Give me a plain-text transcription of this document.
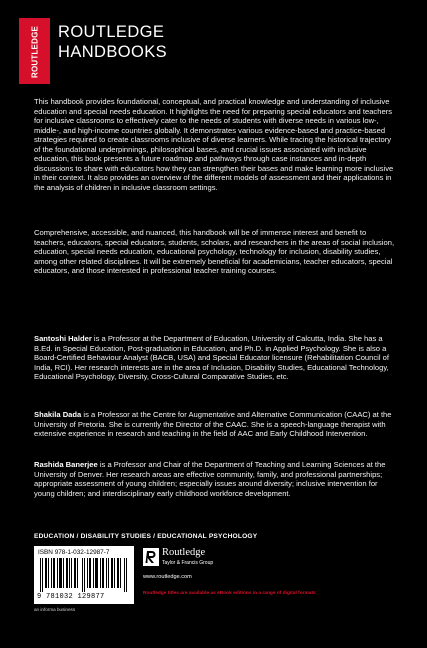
ROUTLEDGE	ROUTLEDGE
HANDBOOKS

This handbook provides foundational, conceptual, and practical knowledge and understanding of inclusive education and special needs education. It highlights the need for preparing special educators and teachers for inclusive classrooms to effectively cater to the needs of students with diverse needs in various low-, middle-, and high-income countries globally. It demonstrates various evidence-based and practice-based strategies required to create classrooms inclusive of diverse learners. While tracing the historical trajectory of the foundational underpinnings, philosophical bases, and crucial issues associated with inclusive education, this book presents a future roadmap and pathways through case instances and in-depth discussions to share with educators how they can strengthen their bases and make learning more inclusive in their context. It also provides an overview of the different models of assessment and their applications in the analysis of children in inclusive classroom settings.

Comprehensive, accessible, and nuanced, this handbook will be of immense interest and benefit to teachers, educators, special educators, students, scholars, and researchers in the areas of social inclusion, education, special needs education, educational psychology, technology for inclusion, disability studies, among other related disciplines. It will be extremely beneficial for academicians, teacher educators, special educators, and those interested in professional teacher training courses.

Santoshi Halder is a Professor at the Department of Education, University of Calcutta, India. She has a B.Ed. in Special Education, Post-graduation in Education, and Ph.D. in Applied Psychology. She is also a Board-Certified Behaviour Analyst (BACB, USA) and Special Educator licensure (Rehabilitation Council of India, RCI). Her research interests are in the area of Inclusion, Disability Studies, Educational Technology, Educational Psychology, Diversity, Cross-Cultural Comparative Studies, etc.

Shakila Dada is a Professor at the Centre for Augmentative and Alternative Communication (CAAC) at the University of Pretoria. She is currently the Director of the CAAC. She is a speech-language therapist with extensive experience in research and teaching in the field of AAC and Early Childhood Intervention.

Rashida Banerjee is a Professor and Chair of the Department of Teaching and Learning Sciences at the University of Denver. Her research areas are effective community, family, and professional partnerships; appropriate assessment of young children; especially issues around diversity; inclusive intervention for young children; and interdisciplinary early childhood workforce development.

EDUCATION / DISABILITY STUDIES / EDUCATIONAL PSYCHOLOGY
ISBN 978-1-032-12987-7
9 781032 129877
an informa business
Routledge
Taylor & Francis Group
www.routledge.com
Routledge titles are available as eBook editions in a range of digital formats
